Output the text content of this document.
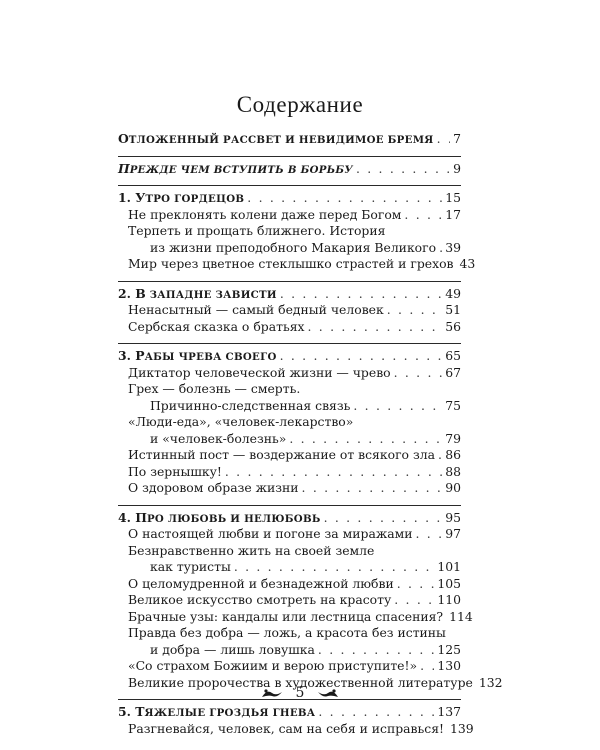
Содержание
ОТЛОЖЕННЫЙ РАССВЕТ И НЕВИДИМОЕ БРЕМЯ . . . 7
ПРЕЖДЕ ЧЕМ ВСТУПИТЬ В БОРЬБУ . . .	9
1. УТРО ГОРДЕЦОВ . . .	15
Не преклонять колени даже перед Богом . . .	17
Терпеть и прощать ближнего. История
из жизни преподобного Макария Великого . . . 39
Мир через цветное стеклышко страстей и грехов 43
2. В ЗАПАДНЕ ЗАВИСТИ . . .	49
Ненасытный — самый бедный человек . . .	51
Сербская сказка о братьях . . .	56
3. РАБЫ ЧРЕВА СВОЕГО . . .	65
Диктатор человеческой жизни — чрево . . .	67
Грех — болезнь — смерть.
Причинно-следственная связь . . .	75
«Люди-еда», «человек-лекарство»
и «человек-болезнь» . . .	79
Истинный пост — воздержание от всякого зла . . . 86
По зернышку! . . .	88
О здоровом образе жизни . . .	90
4. ПРО ЛЮБОВЬ И НЕЛЮБОВЬ . . .	95
О настоящей любви и погоне за миражами . . .	97
Безнравственно жить на своей земле
как туристы . . .	101
О целомудренной и безнадежной любви . . .	105
Великое искусство смотреть на красоту . . .	110
Брачные узы: кандалы или лестница спасения? 114
Правда без добра — ложь, а красота без истины
и добра — лишь ловушка . . .	125
«Со страхом Божиим и верою приступите!» . . . 130
Великие пророчества в художественной литературе 132
5. ТЯЖЕЛЫЕ ГРОЗДЬЯ ГНЕВА . . .	137
Разгневайся, человек, сам на себя и исправься! 139
5
